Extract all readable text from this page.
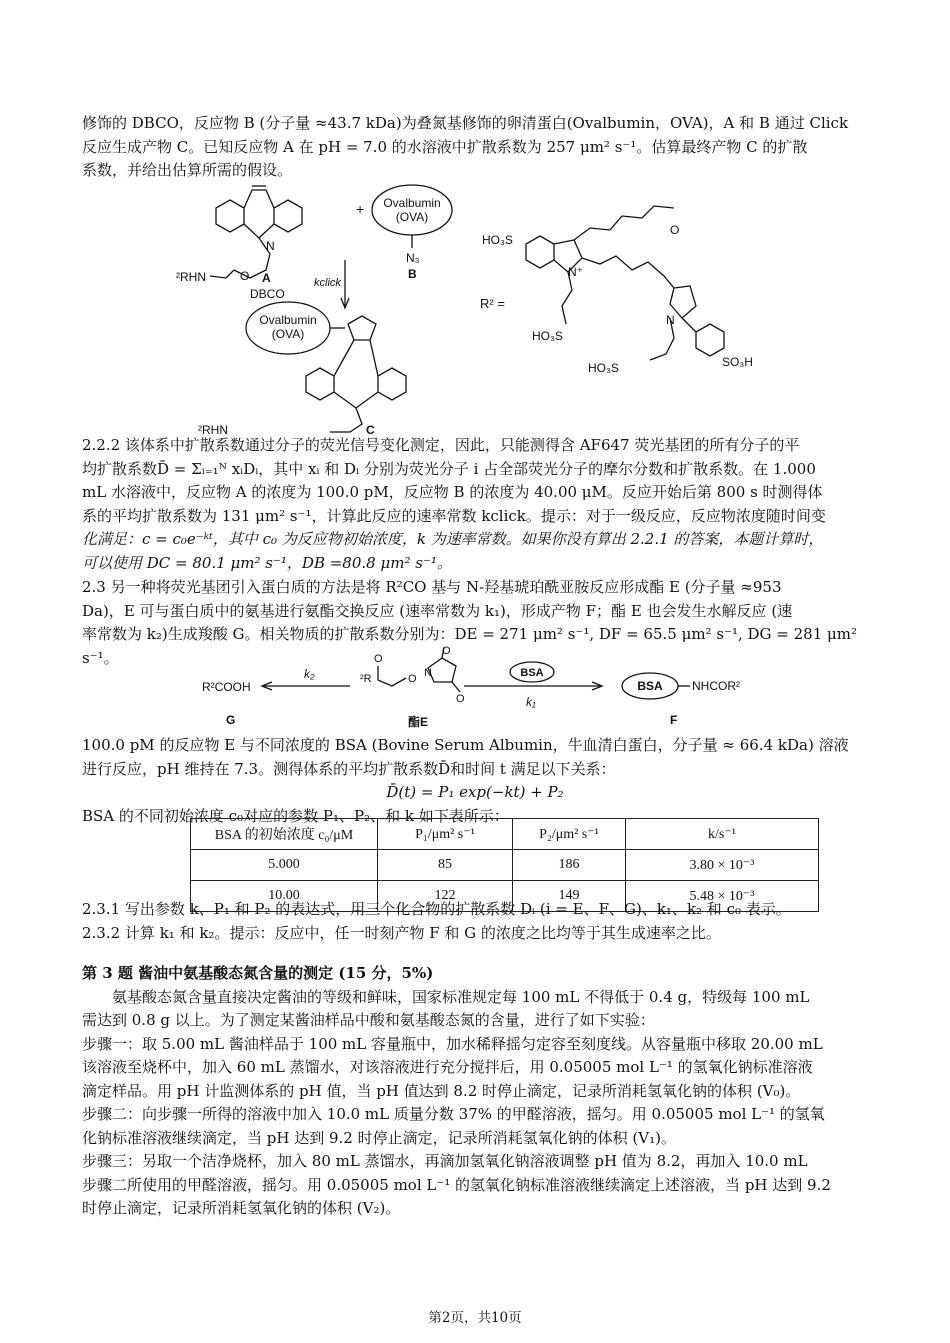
修饰的 DBCO，反应物 B (分子量 ≈43.7 kDa)为叠氮基修饰的卵清蛋白(Ovalbumin，OVA)，A 和 B 通过 Click
反应生成产物 C。已知反应物 A 在 pH = 7.0 的水溶液中扩散系数为 257 μm² s⁻¹。估算最终产物 C 的扩散
系数，并给出估算所需的假设。
O
N
²RHN	A
DBCO
+ Ovalbumin
(OVA)
N₃
B
kclick
Ovalbumin
(OVA)
²RHN	C
R² =
HO₃S
HO₃S
HO₃S	SO₃H
N⁺
N
O
2.2.2 该体系中扩散系数通过分子的荧光信号变化测定，因此，只能测得含 AF647 荧光基团的所有分子的平
均扩散系数D̄ = Σᵢ₌₁ᴺ xᵢDᵢ，其中 xᵢ 和 Dᵢ 分别为荧光分子 i 占全部荧光分子的摩尔分数和扩散系数。在 1.000
mL 水溶液中，反应物 A 的浓度为 100.0 pM，反应物 B 的浓度为 40.00 μM。反应开始后第 800 s 时测得体
系的平均扩散系数为 131 μm² s⁻¹，计算此反应的速率常数 kclick。提示：对于一级反应，反应物浓度随时间变
化满足：c = c₀e⁻ᵏᵗ，其中 c₀ 为反应物初始浓度，k 为速率常数。如果你没有算出 2.2.1 的答案，本题计算时，
可以使用 DC = 80.1 μm² s⁻¹，DB =80.8 μm² s⁻¹。
2.3 另一种将荧光基团引入蛋白质的方法是将 R²CO 基与 N-羟基琥珀酰亚胺反应形成酯 E (分子量 ≈953
Da)，E 可与蛋白质中的氨基进行氨酯交换反应 (速率常数为 k₁)，形成产物 F；酯 E 也会发生水解反应 (速
率常数为 k₂)生成羧酸 G。相关物质的扩散系数分别为：DE = 271 μm² s⁻¹, DF = 65.5 μm² s⁻¹, DG = 281 μm² s⁻¹。
R²COOH
k₂	²R
O
O N
O
O
BSA
k₁
BSA NHCOR²
G	酯E	F
100.0 pM 的反应物 E 与不同浓度的 BSA (Bovine Serum Albumin，牛血清白蛋白，分子量 ≈ 66.4 kDa) 溶液
进行反应，pH 维持在 7.3。测得体系的平均扩散系数D̄和时间 t 满足以下关系：
D̄(t) = P₁ exp(−kt) + P₂
BSA 的不同初始浓度 c₀对应的参数 P₁、P₂、和 k 如下表所示：
BSA 的初始浓度 c₀/μM	P₁/μm² s⁻¹	P₂/μm² s⁻¹	k/s⁻¹
5.000	85	186	3.80 × 10⁻³
10.00	122	149	5.48 × 10⁻³
2.3.1 写出参数 k、P₁ 和 P₂ 的表达式，用三个化合物的扩散系数 Dᵢ (i = E、F、G)、k₁、k₂ 和 c₀ 表示。
2.3.2 计算 k₁ 和 k₂。提示：反应中，任一时刻产物 F 和 G 的浓度之比均等于其生成速率之比。
第 3 题 酱油中氨基酸态氮含量的测定 (15 分，5%)
氨基酸态氮含量直接决定酱油的等级和鲜味，国家标准规定每 100 mL 不得低于 0.4 g，特级每 100 mL
需达到 0.8 g 以上。为了测定某酱油样品中酸和氨基酸态氮的含量，进行了如下实验：
步骤一：取 5.00 mL 酱油样品于 100 mL 容量瓶中，加水稀释摇匀定容至刻度线。从容量瓶中移取 20.00 mL
该溶液至烧杯中，加入 60 mL 蒸馏水，对该溶液进行充分搅拌后，用 0.05005 mol L⁻¹ 的氢氧化钠标准溶液
滴定样品。用 pH 计监测体系的 pH 值，当 pH 值达到 8.2 时停止滴定，记录所消耗氢氧化钠的体积 (V₀)。
步骤二：向步骤一所得的溶液中加入 10.0 mL 质量分数 37% 的甲醛溶液，摇匀。用 0.05005 mol L⁻¹ 的氢氧
化钠标准溶液继续滴定，当 pH 达到 9.2 时停止滴定，记录所消耗氢氧化钠的体积 (V₁)。
步骤三：另取一个洁净烧杯，加入 80 mL 蒸馏水，再滴加氢氧化钠溶液调整 pH 值为 8.2，再加入 10.0 mL
步骤二所使用的甲醛溶液，摇匀。用 0.05005 mol L⁻¹ 的氢氧化钠标准溶液继续滴定上述溶液，当 pH 达到 9.2
时停止滴定，记录所消耗氢氧化钠的体积 (V₂)。
第2页，共10页
